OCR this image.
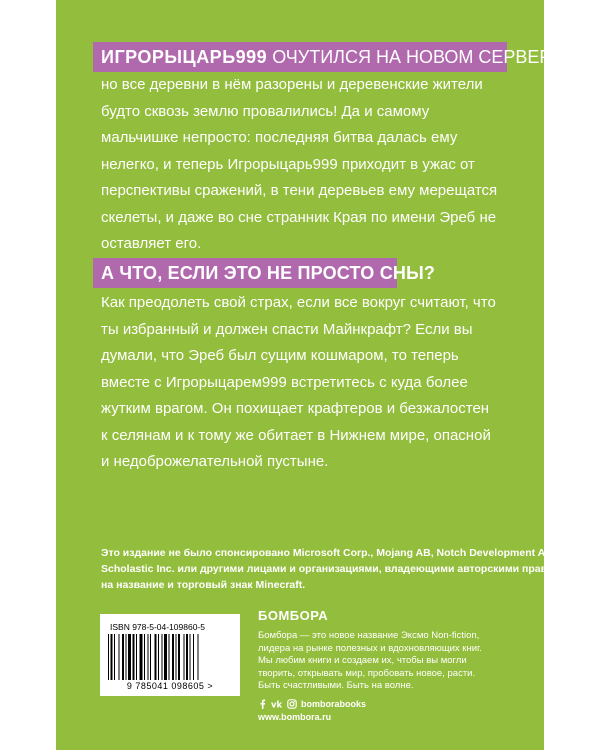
ИГРОРЫЦАРЬ999 ОЧУТИЛСЯ НА НОВОМ СЕРВЕРЕ,
но все деревни в нём разорены и деревенские жители
будто сквозь землю провалились! Да и самому
мальчишке непросто: последняя битва далась ему
нелегко, и теперь Игрорыцарь999 приходит в ужас от
перспективы сражений, в тени деревьев ему мерещатся
скелеты, и даже во сне странник Края по имени Эреб не
оставляет его.
А ЧТО, ЕСЛИ ЭТО НЕ ПРОСТО СНЫ?
Как преодолеть свой страх, если все вокруг считают, что
ты избранный и должен спасти Майнкрафт? Если вы
думали, что Эреб был сущим кошмаром, то теперь
вместе с Игрорыцарем999 встретитесь с куда более
жутким врагом. Он похищает крафтеров и безжалостен
к селянам и к тому же обитает в Нижнем мире, опасной
и недоброжелательной пустыне.
Это издание не было спонсировано Microsoft Corp., Mojang AB, Notch Development AB,
Scholastic Inc. или другими лицами и организациями, владеющими авторскими правами
на название и торговый знак Minecraft.
ISBN 978-5-04-109860-5
9 785041 098605 >
БОМБОРА
Бомбора — это новое название Эксмо Non-fiction,
лидера на рынке полезных и вдохновляющих книг.
Мы любим книги и создаем их, чтобы вы могли
творить, открывать мир, пробовать новое, расти.
Быть счастливыми. Быть на волне.
vk bomborabooks
www.bombora.ru
